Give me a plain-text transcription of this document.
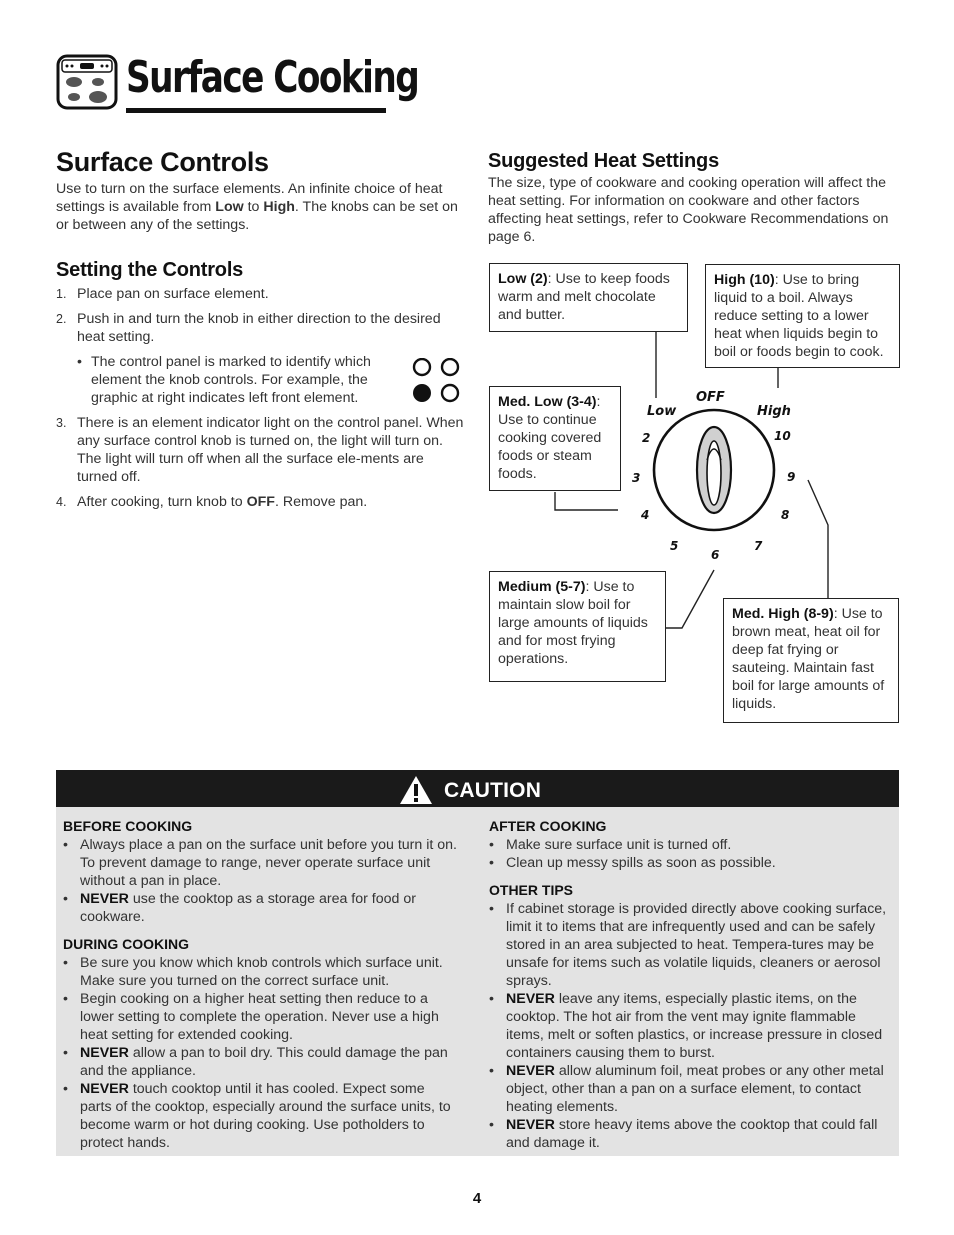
Surface Cooking
Surface Controls

Use to turn on the surface elements. An infinite choice of heat settings is available from Low to High. The knobs can be set on or between any of the settings.

Setting the Controls
1. Place pan on surface element.
2. Push in and turn the knob in either direction to the desired heat setting.
• The control panel is marked to identify which element the knob controls. For example, the graphic at right indicates left front element.
3. There is an element indicator light on the control panel. When any surface control knob is turned on, the light will turn on. The light will turn off when all the surface ele-ments are turned off.
4. After cooking, turn knob to OFF. Remove pan.
Suggested Heat Settings

The size, type of cookware and cooking operation will affect the heat setting. For information on cookware and other factors affecting heat settings, refer to Cookware Recommendations on page 6.

OFF
Low	High
2
3
4
5
6
7
8
9
10
Low (2): Use to keep foods warm and melt chocolate and butter.
High (10): Use to bring liquid to a boil. Always reduce setting to a lower heat when liquids begin to boil or foods begin to cook.
Med. Low (3-4): Use to continue cooking covered foods or steam foods.
Medium (5-7): Use to maintain slow boil for large amounts of liquids and for most frying operations.
Med. High (8-9): Use to brown meat, heat oil for deep fat frying or sauteing. Maintain fast boil for large amounts of liquids.
CAUTION
BEFORE COOKING
• Always place a pan on the surface unit before you turn it on. To prevent damage to range, never operate surface unit without a pan in place.
• NEVER use the cooktop as a storage area for food or cookware.
DURING COOKING
• Be sure you know which knob controls which surface unit. Make sure you turned on the correct surface unit.
• Begin cooking on a higher heat setting then reduce to a lower setting to complete the operation. Never use a high heat setting for extended cooking.
• NEVER allow a pan to boil dry. This could damage the pan and the appliance.
• NEVER touch cooktop until it has cooled. Expect some parts of the cooktop, especially around the surface units, to become warm or hot during cooking. Use potholders to protect hands.
AFTER COOKING
• Make sure surface unit is turned off.
• Clean up messy spills as soon as possible.
OTHER TIPS
• If cabinet storage is provided directly above cooking surface, limit it to items that are infrequently used and can be safely stored in an area subjected to heat. Tempera-tures may be unsafe for items such as volatile liquids, cleaners or aerosol sprays.
• NEVER leave any items, especially plastic items, on the cooktop. The hot air from the vent may ignite flammable items, melt or soften plastics, or increase pressure in closed containers causing them to burst.
• NEVER allow aluminum foil, meat probes or any other metal object, other than a pan on a surface element, to contact heating elements.
• NEVER store heavy items above the cooktop that could fall and damage it.
4
